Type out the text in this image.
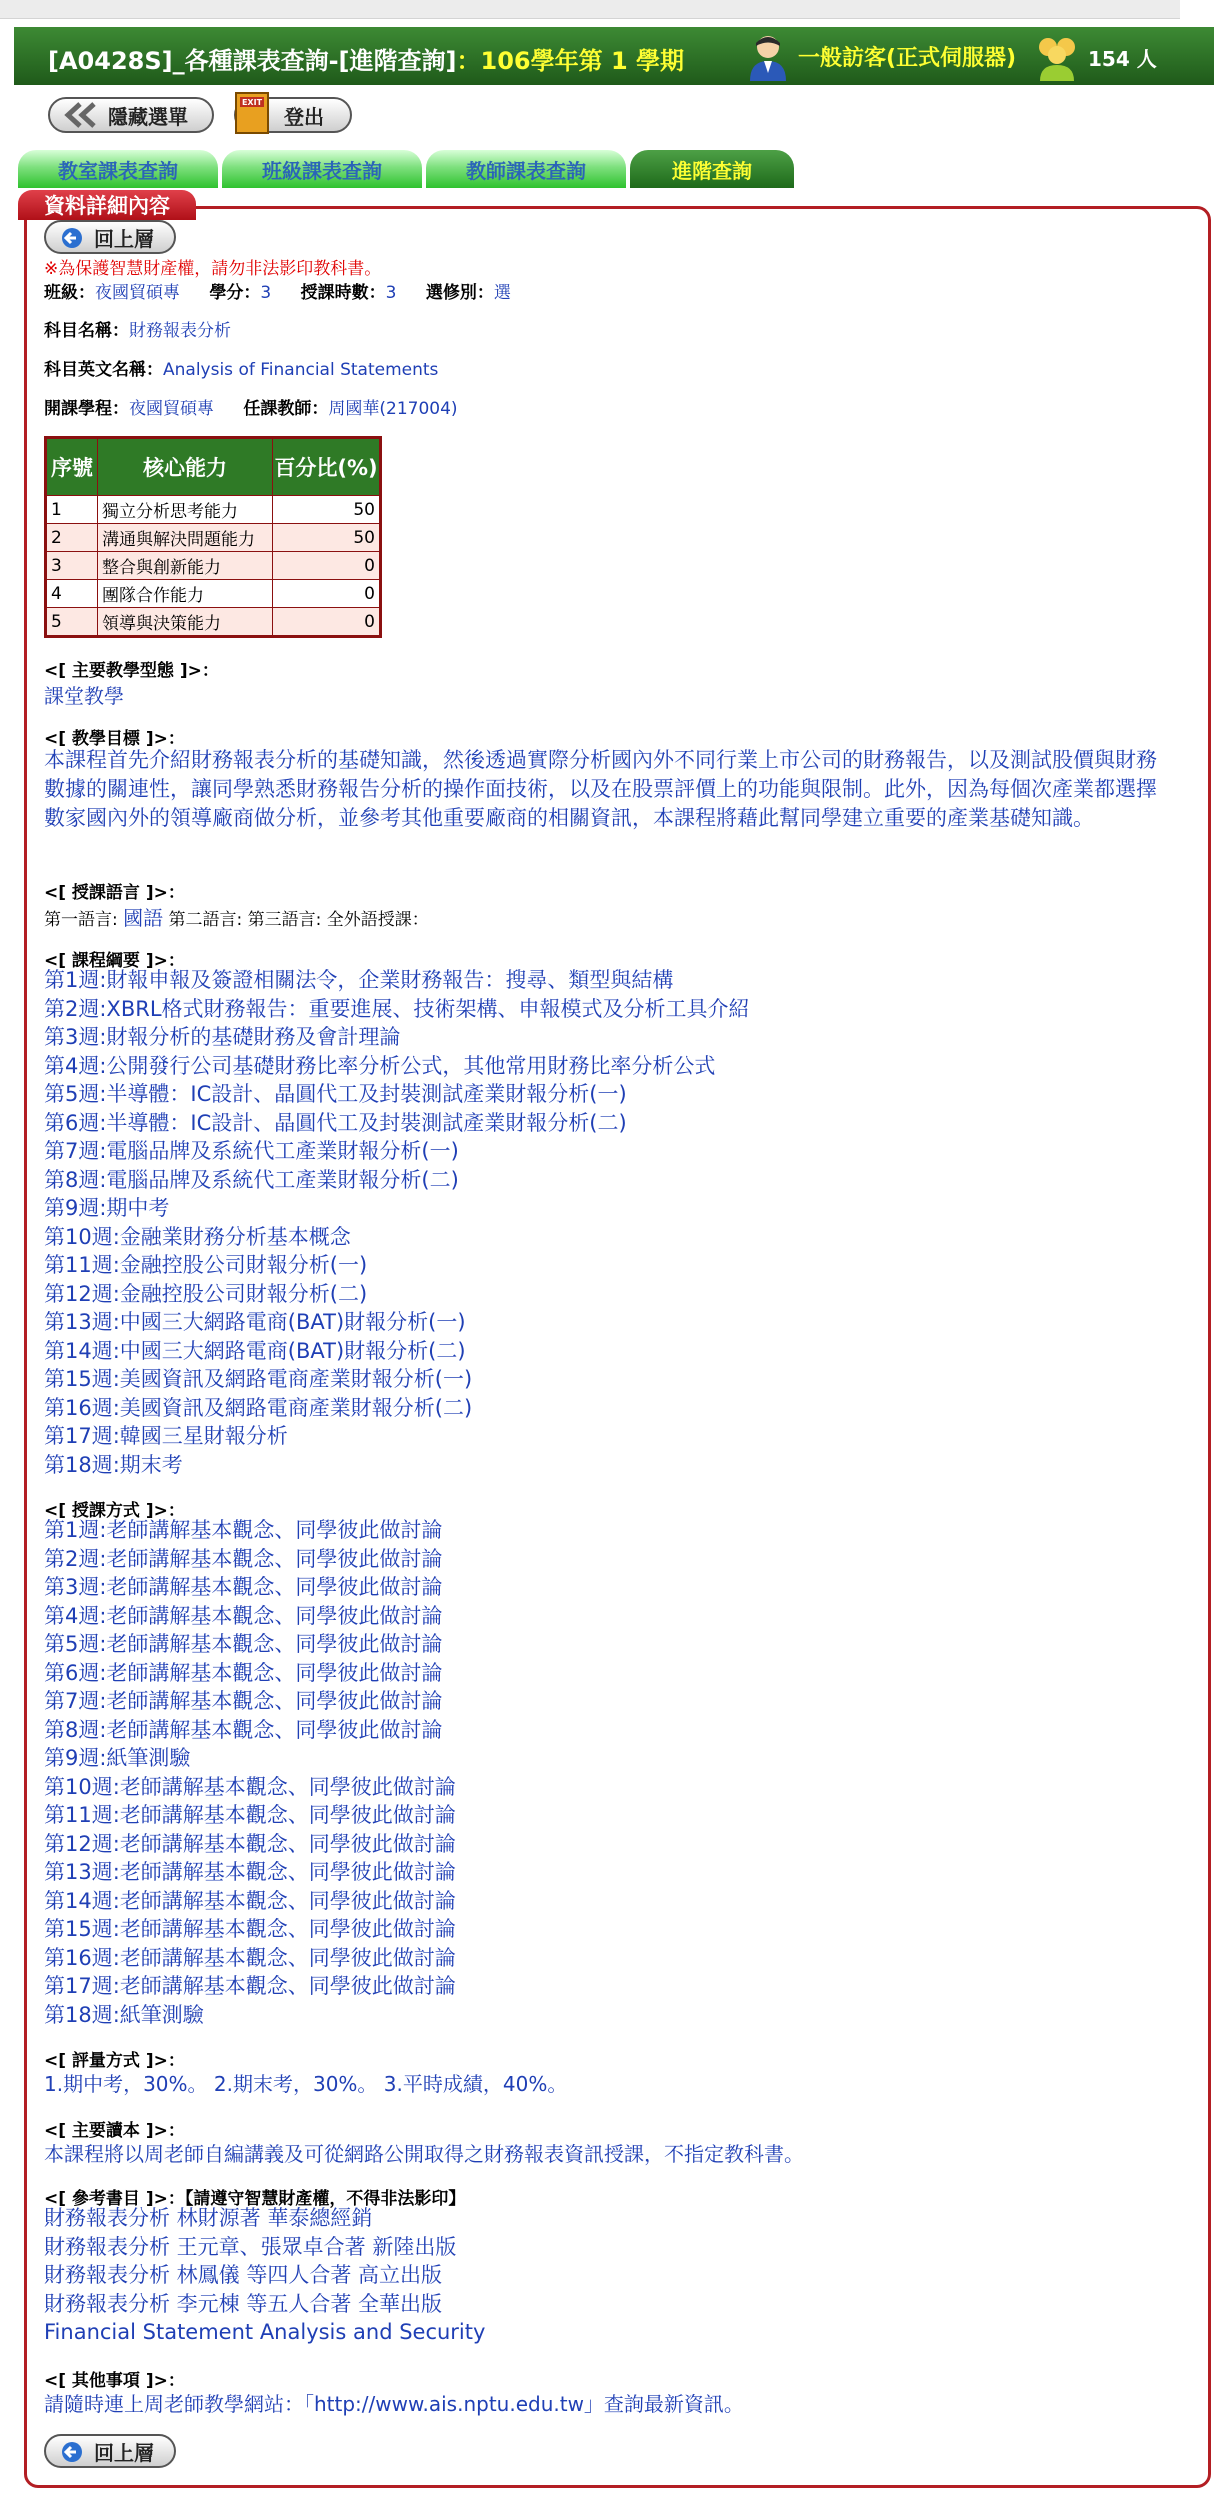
[A0428S]_各種課表查詢-[進階查詢]：106學年第 1 學期	一般訪客(正式伺服器)	154 人
隱藏選單
EXIT
登出
教室課表查詢	班級課表查詢	教師課表查詢	進階查詢
資料詳細內容
回上層
※為保護智慧財產權，請勿非法影印教科書。
班級：夜國貿碩專 學分：3 授課時數：3 選修別：選
科目名稱：財務報表分析
科目英文名稱：Analysis of Financial Statements
開課學程：夜國貿碩專 任課教師：周國華(217004)
序號	核心能力	百分比(%)
1	獨立分析思考能力	50
2	溝通與解決問題能力	50
3	整合與創新能力	0
4	團隊合作能力	0
5	領導與決策能力	0
<[ 主要教學型態 ]>：
課堂教學
<[ 教學目標 ]>：
本課程首先介紹財務報表分析的基礎知識，然後透過實際分析國內外不同行業上市公司的財務報告，以及測試股價與財務數據的關連性，讓同學熟悉財務報告分析的操作面技術，以及在股票評價上的功能與限制。此外，因為每個次產業都選擇數家國內外的領導廠商做分析，並參考其他重要廠商的相關資訊，本課程將藉此幫同學建立重要的產業基礎知識。
<[ 授課語言 ]>：
第一語言: 國語 第二語言: 第三語言: 全外語授課：
<[ 課程綱要 ]>：
第1週:財報申報及簽證相關法令，企業財務報告：搜尋、類型與結構
第2週:XBRL格式財務報告：重要進展、技術架構、申報模式及分析工具介紹
第3週:財報分析的基礎財務及會計理論
第4週:公開發行公司基礎財務比率分析公式，其他常用財務比率分析公式
第5週:半導體：IC設計、晶圓代工及封裝測試產業財報分析(一)
第6週:半導體：IC設計、晶圓代工及封裝測試產業財報分析(二)
第7週:電腦品牌及系統代工產業財報分析(一)
第8週:電腦品牌及系統代工產業財報分析(二)
第9週:期中考
第10週:金融業財務分析基本概念
第11週:金融控股公司財報分析(一)
第12週:金融控股公司財報分析(二)
第13週:中國三大網路電商(BAT)財報分析(一)
第14週:中國三大網路電商(BAT)財報分析(二)
第15週:美國資訊及網路電商產業財報分析(一)
第16週:美國資訊及網路電商產業財報分析(二)
第17週:韓國三星財報分析
第18週:期末考
<[ 授課方式 ]>：
第1週:老師講解基本觀念、同學彼此做討論
第2週:老師講解基本觀念、同學彼此做討論
第3週:老師講解基本觀念、同學彼此做討論
第4週:老師講解基本觀念、同學彼此做討論
第5週:老師講解基本觀念、同學彼此做討論
第6週:老師講解基本觀念、同學彼此做討論
第7週:老師講解基本觀念、同學彼此做討論
第8週:老師講解基本觀念、同學彼此做討論
第9週:紙筆測驗
第10週:老師講解基本觀念、同學彼此做討論
第11週:老師講解基本觀念、同學彼此做討論
第12週:老師講解基本觀念、同學彼此做討論
第13週:老師講解基本觀念、同學彼此做討論
第14週:老師講解基本觀念、同學彼此做討論
第15週:老師講解基本觀念、同學彼此做討論
第16週:老師講解基本觀念、同學彼此做討論
第17週:老師講解基本觀念、同學彼此做討論
第18週:紙筆測驗
<[ 評量方式 ]>：
1.期中考，30%。 2.期末考，30%。 3.平時成績，40%。
<[ 主要讀本 ]>：
本課程將以周老師自編講義及可從網路公開取得之財務報表資訊授課，不指定教科書。
<[ 參考書目 ]>：【請遵守智慧財產權，不得非法影印】
財務報表分析 林財源著 華泰總經銷
財務報表分析 王元章、張眾卓合著 新陸出版
財務報表分析 林鳳儀 等四人合著 高立出版
財務報表分析 李元棟 等五人合著 全華出版
Financial Statement Analysis and Security
<[ 其他事項 ]>：
請隨時連上周老師教學網站：「http://www.ais.nptu.edu.tw」查詢最新資訊。
回上層
